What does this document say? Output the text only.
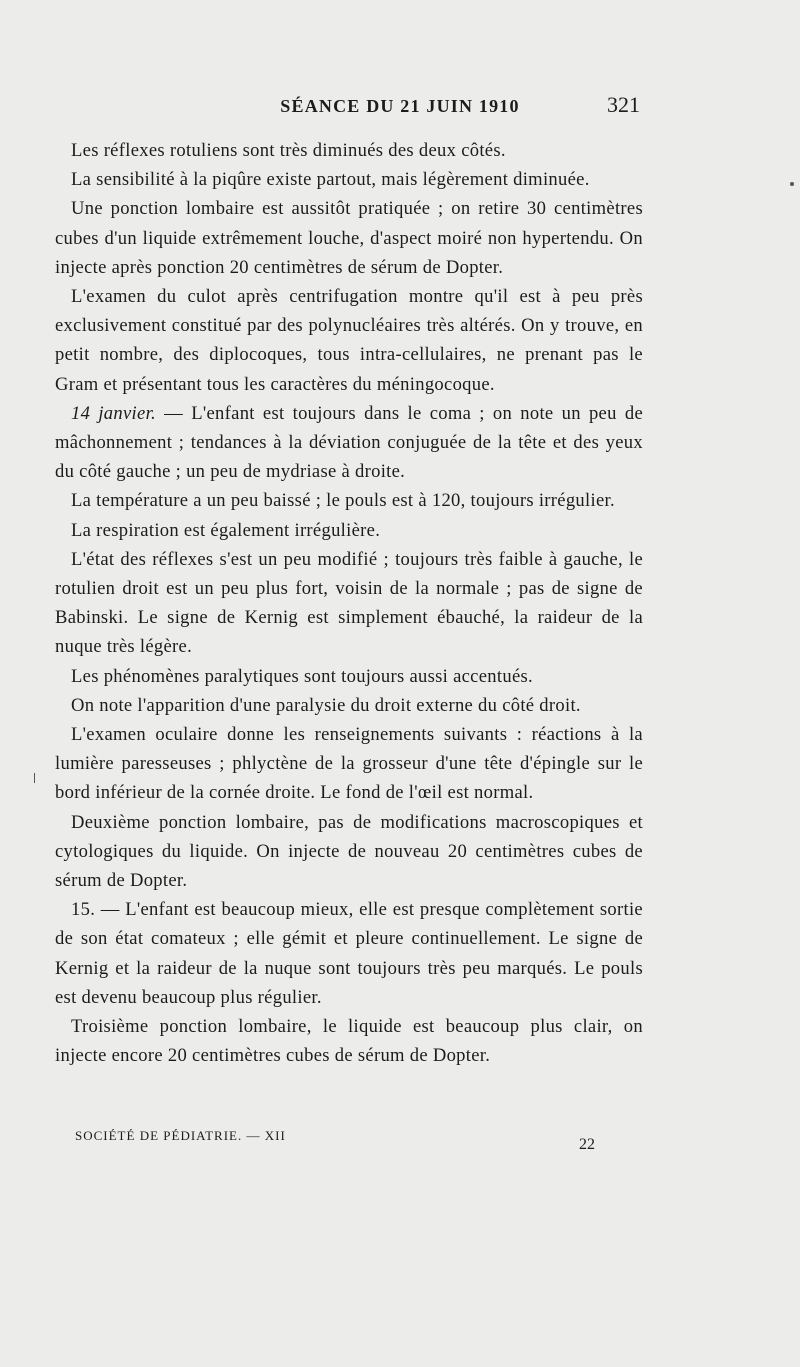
SÉANCE DU 21 JUIN 1910	321

Les réflexes rotuliens sont très diminués des deux côtés.

La sensibilité à la piqûre existe partout, mais légèrement diminuée.

Une ponction lombaire est aussitôt pratiquée ; on retire 30 centimètres cubes d'un liquide extrêmement louche, d'aspect moiré non hypertendu. On injecte après ponction 20 centimètres de sérum de Dopter.

L'examen du culot après centrifugation montre qu'il est à peu près exclusivement constitué par des polynucléaires très altérés. On y trouve, en petit nombre, des diplocoques, tous intra-cellulaires, ne prenant pas le Gram et présentant tous les caractères du méningocoque.

14 janvier. — L'enfant est toujours dans le coma ; on note un peu de mâchonnement ; tendances à la déviation conjuguée de la tête et des yeux du côté gauche ; un peu de mydriase à droite.

La température a un peu baissé ; le pouls est à 120, toujours irrégulier.

La respiration est également irrégulière.

L'état des réflexes s'est un peu modifié ; toujours très faible à gauche, le rotulien droit est un peu plus fort, voisin de la normale ; pas de signe de Babinski. Le signe de Kernig est simplement ébauché, la raideur de la nuque très légère.

Les phénomènes paralytiques sont toujours aussi accentués.

On note l'apparition d'une paralysie du droit externe du côté droit.

L'examen oculaire donne les renseignements suivants : réactions à la lumière paresseuses ; phlyctène de la grosseur d'une tête d'épingle sur le bord inférieur de la cornée droite. Le fond de l'œil est normal.

Deuxième ponction lombaire, pas de modifications macroscopiques et cytologiques du liquide. On injecte de nouveau 20 centimètres cubes de sérum de Dopter.

15. — L'enfant est beaucoup mieux, elle est presque complètement sortie de son état comateux ; elle gémit et pleure continuellement. Le signe de Kernig et la raideur de la nuque sont toujours très peu marqués. Le pouls est devenu beaucoup plus régulier.

Troisième ponction lombaire, le liquide est beaucoup plus clair, on injecte encore 20 centimètres cubes de sérum de Dopter.

SOCIÉTÉ DE PÉDIATRIE. — XII
22
